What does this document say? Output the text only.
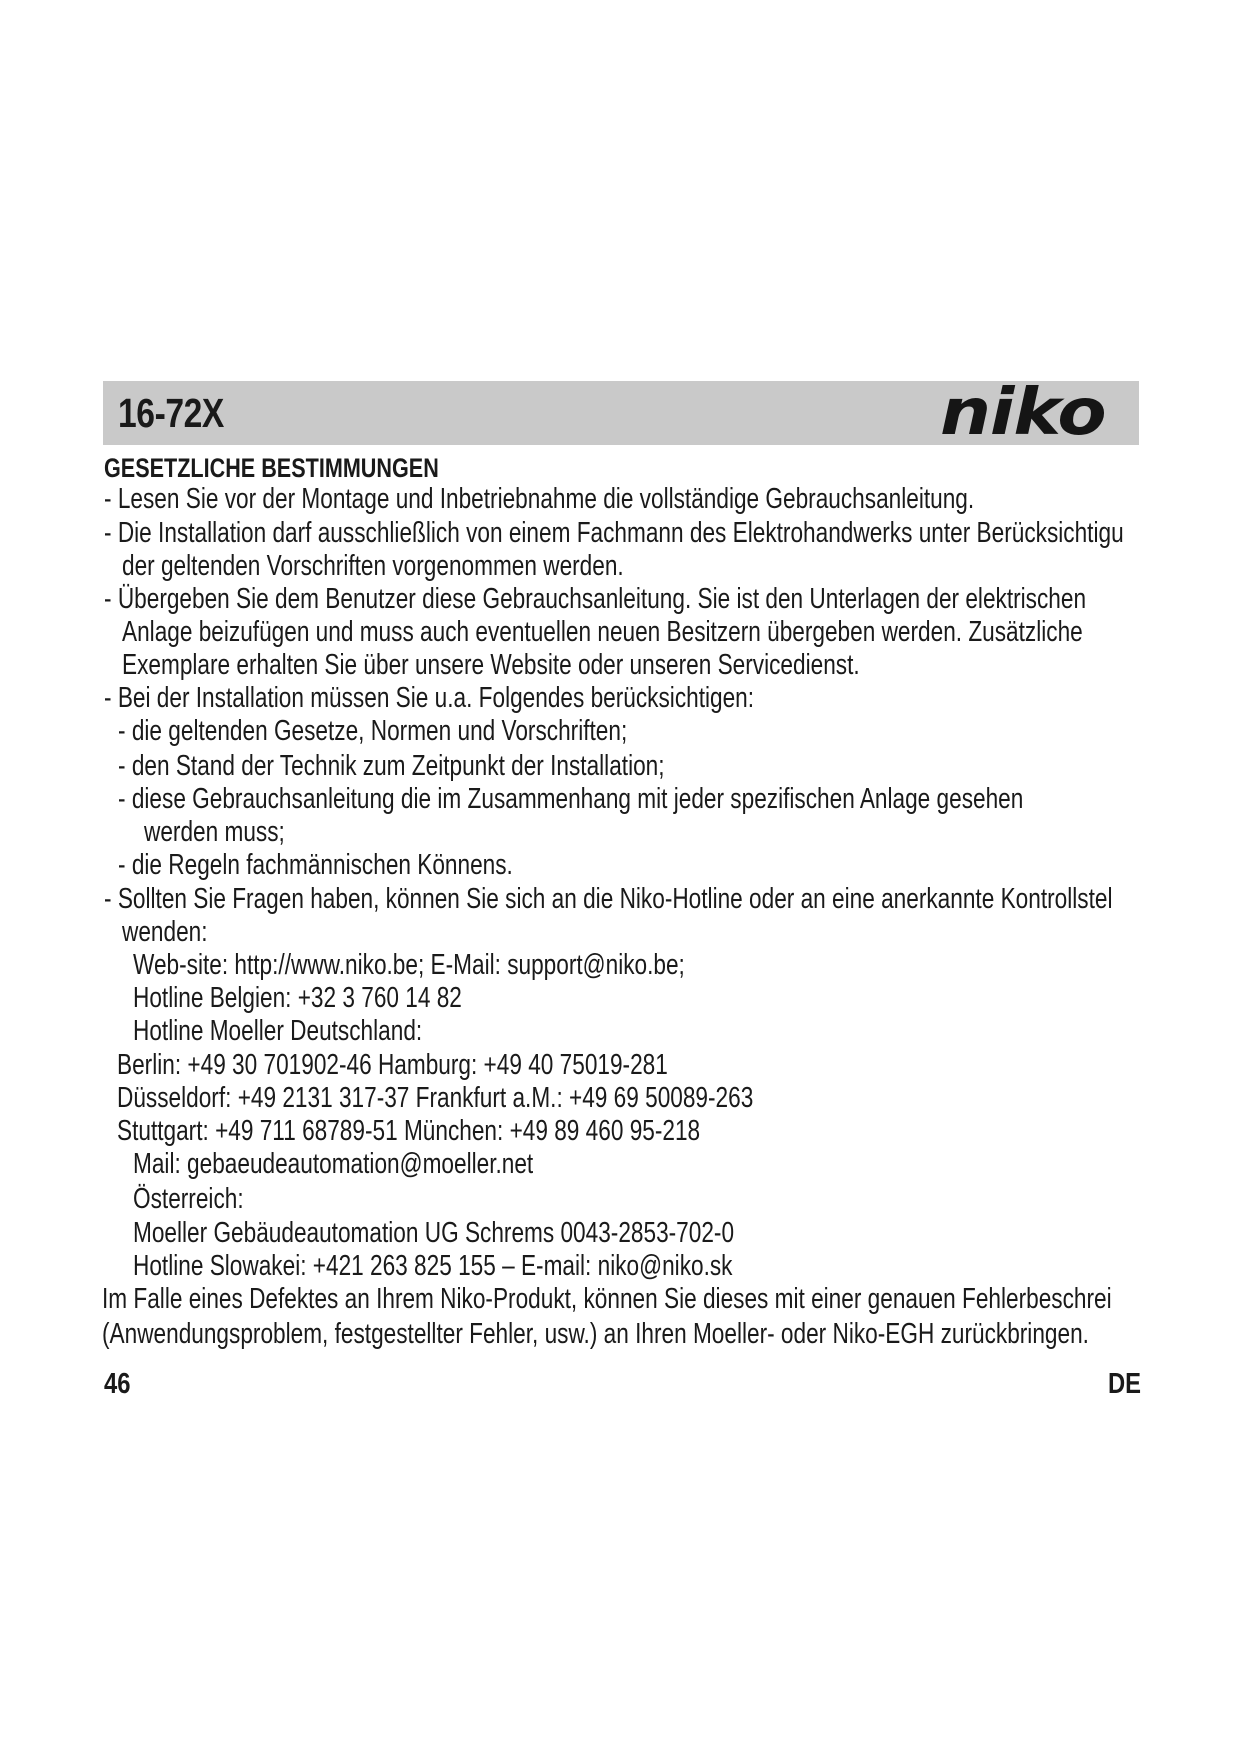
16-72X	niko
GESETZLICHE BESTIMMUNGEN
- Lesen Sie vor der Montage und Inbetriebnahme die vollständige Gebrauchsanleitung.
- Die Installation darf ausschließlich von einem Fachmann des Elektrohandwerks unter Berücksichtigu
der geltenden Vorschriften vorgenommen werden.
- Übergeben Sie dem Benutzer diese Gebrauchsanleitung. Sie ist den Unterlagen der elektrischen
Anlage beizufügen und muss auch eventuellen neuen Besitzern übergeben werden. Zusätzliche
Exemplare erhalten Sie über unsere Website oder unseren Servicedienst.
- Bei der Installation müssen Sie u.a. Folgendes berücksichtigen:
- die geltenden Gesetze, Normen und Vorschriften;
- den Stand der Technik zum Zeitpunkt der Installation;
- diese Gebrauchsanleitung die im Zusammenhang mit jeder spezifischen Anlage gesehen
werden muss;
- die Regeln fachmännischen Könnens.
- Sollten Sie Fragen haben, können Sie sich an die Niko-Hotline oder an eine anerkannte Kontrollstel
wenden:
Web-site: http://www.niko.be; E-Mail: support@niko.be;
Hotline Belgien: +32 3 760 14 82
Hotline Moeller Deutschland:
Berlin: +49 30 701902-46 Hamburg: +49 40 75019-281
Düsseldorf: +49 2131 317-37 Frankfurt a.M.: +49 69 50089-263
Stuttgart: +49 711 68789-51 München: +49 89 460 95-218
Mail: gebaeudeautomation@moeller.net
Österreich:
Moeller Gebäudeautomation UG Schrems 0043-2853-702-0
Hotline Slowakei: +421 263 825 155 – E-mail: niko@niko.sk
Im Falle eines Defektes an Ihrem Niko-Produkt, können Sie dieses mit einer genauen Fehlerbeschrei
(Anwendungsproblem, festgestellter Fehler, usw.) an Ihren Moeller- oder Niko-EGH zurückbringen.
46	DE
